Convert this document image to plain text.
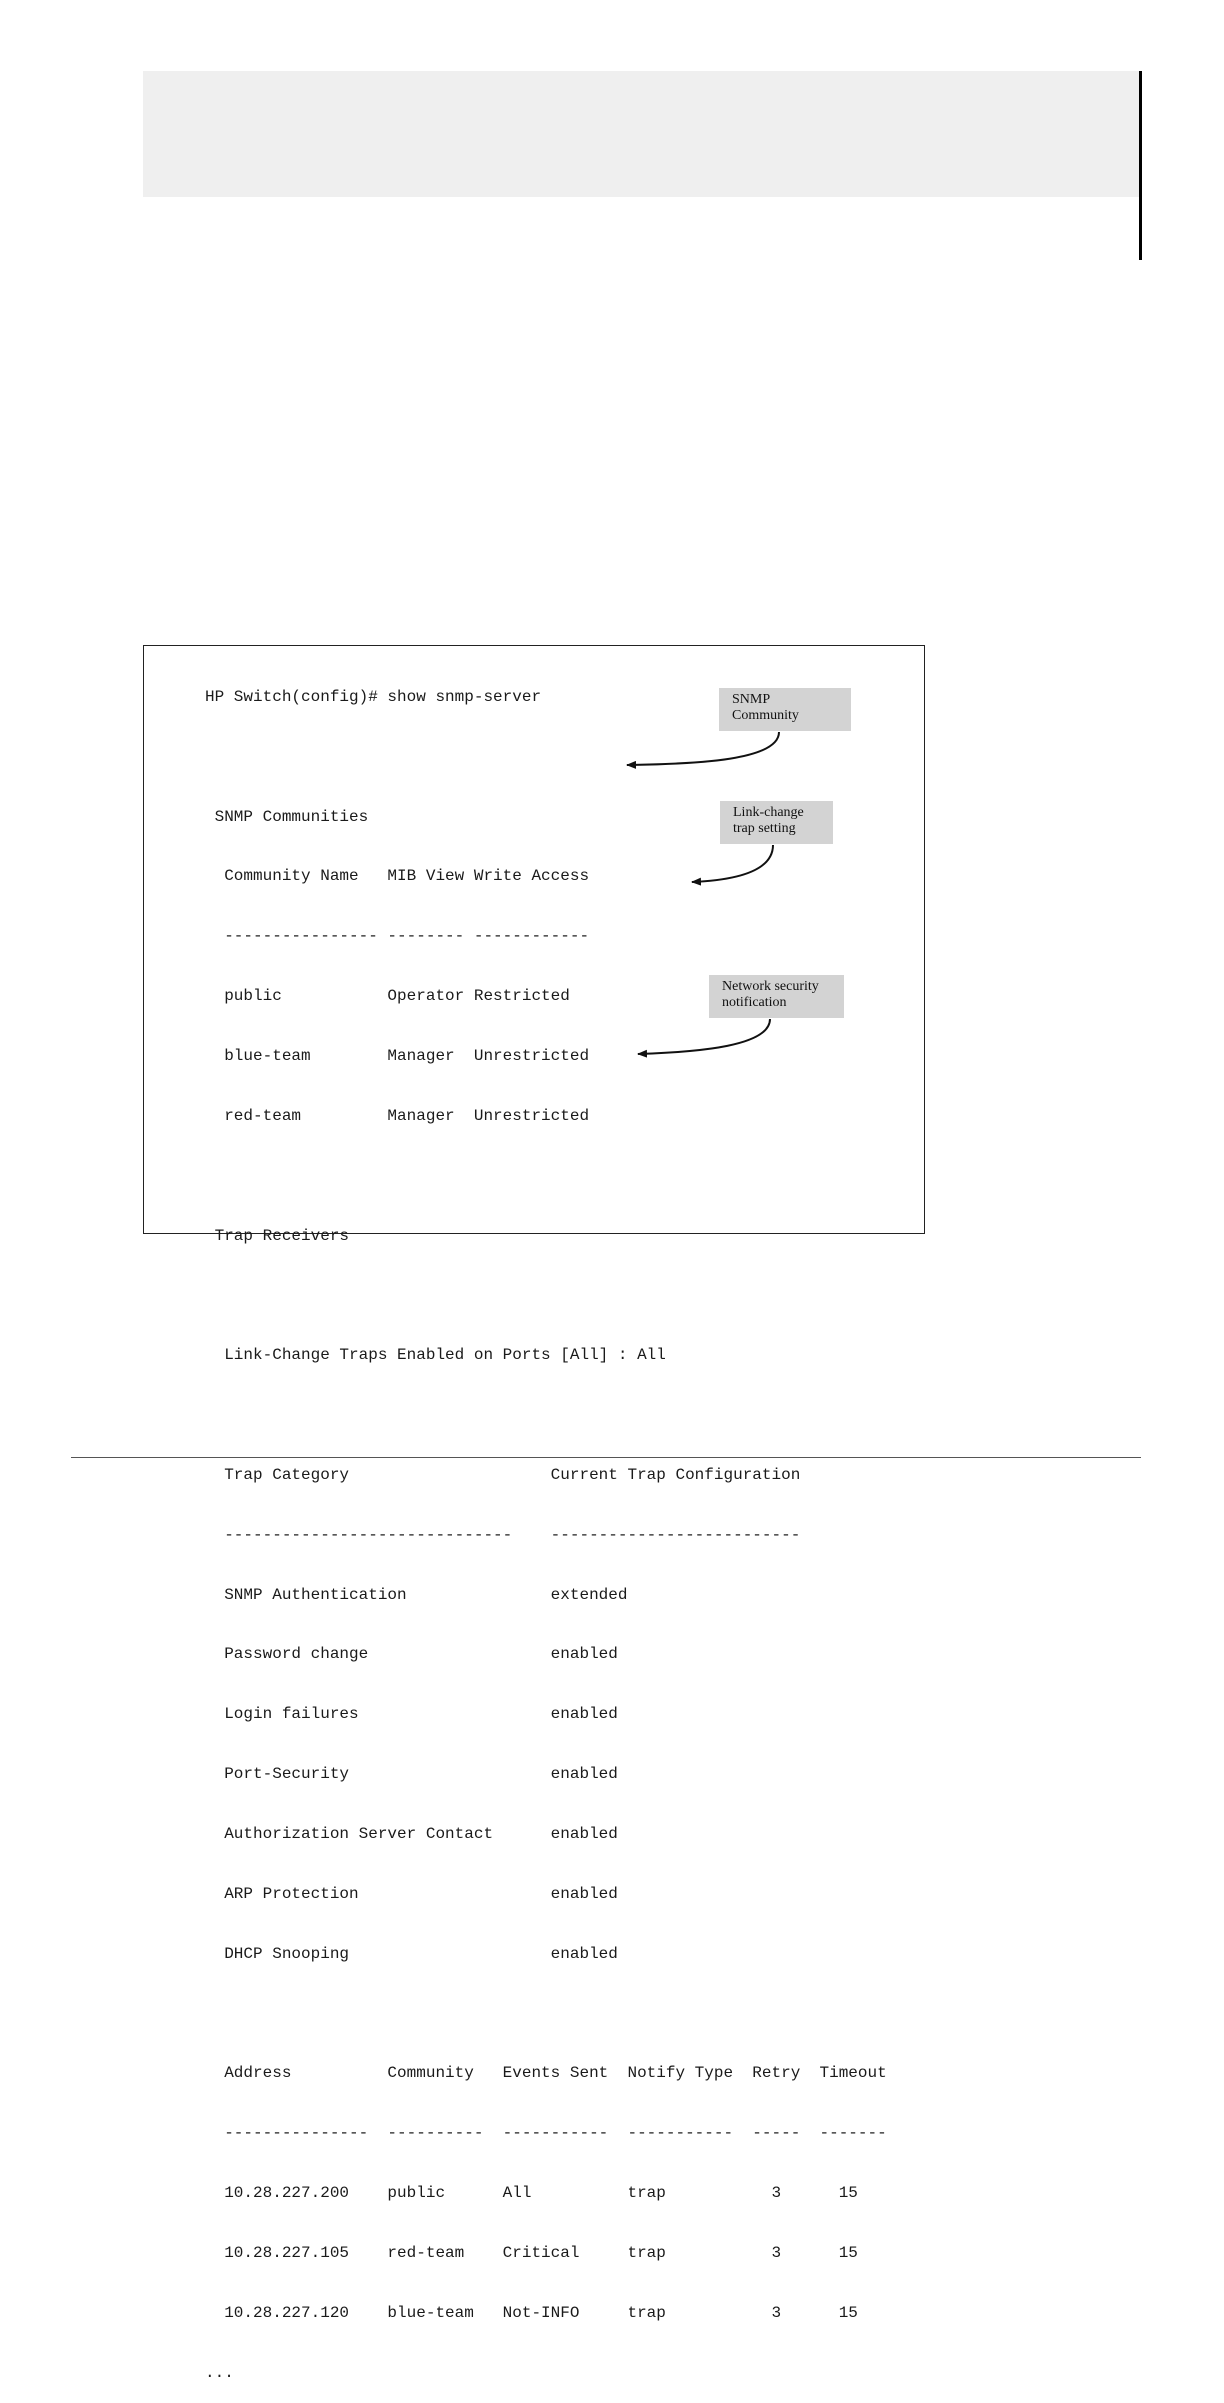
HP Switch(config)# show snmp-server

SNMP Communities

Community Name   MIB View Write Access

---------------- -------- ------------

public           Operator Restricted

blue-team        Manager  Unrestricted

red-team         Manager  Unrestricted

Trap Receivers

Link-Change Traps Enabled on Ports [All] : All

Trap Category                     Current Trap Configuration

------------------------------    --------------------------

SNMP Authentication               extended

Password change                   enabled

Login failures                    enabled

Port-Security                     enabled

Authorization Server Contact      enabled

ARP Protection                    enabled

DHCP Snooping                     enabled

Address          Community   Events Sent  Notify Type  Retry  Timeout

---------------  ----------  -----------  -----------  -----  -------

10.28.227.200    public      All          trap           3      15

10.28.227.105    red-team    Critical     trap           3      15

10.28.227.120    blue-team   Not-INFO     trap           3      15

...

SNMP
Community
Link-change
trap setting
Network security
notification
